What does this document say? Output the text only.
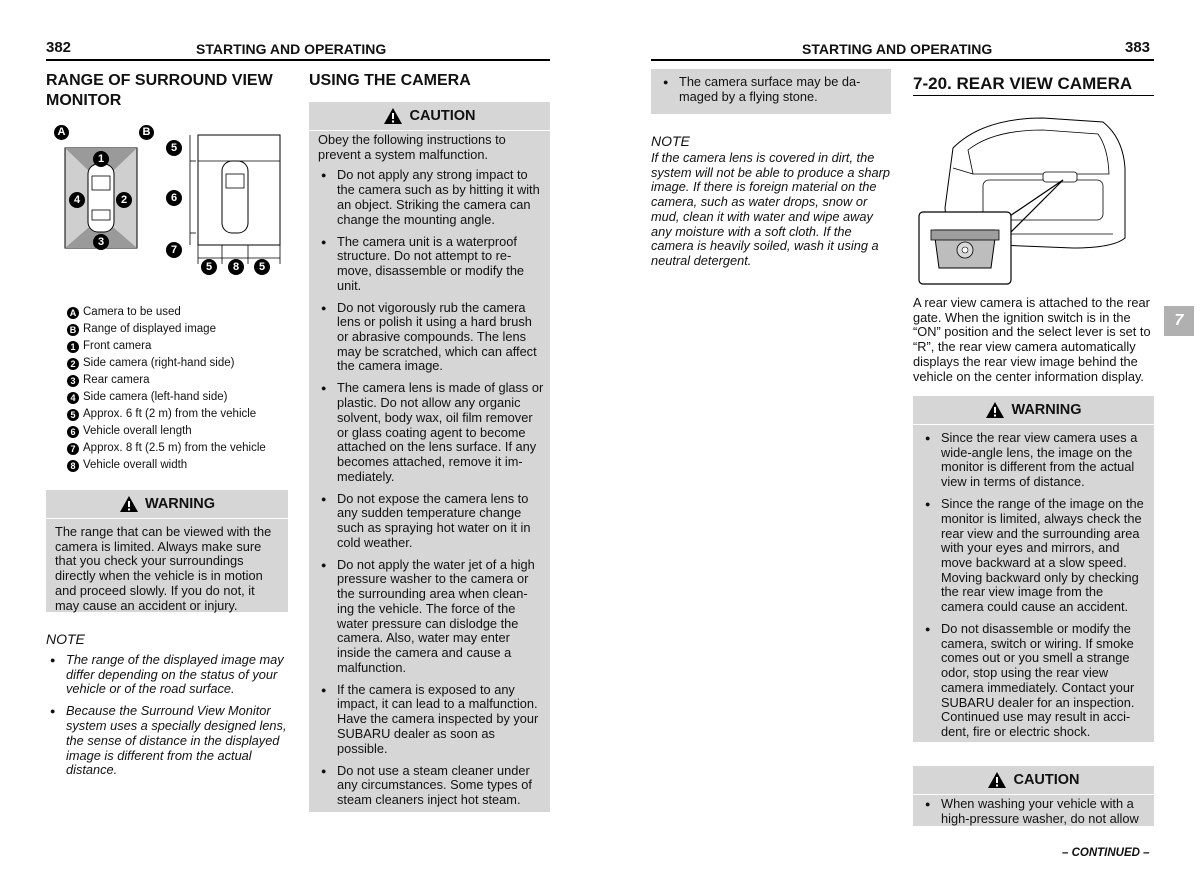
382	STARTING AND OPERATING
RANGE OF SURROUND VIEW MONITOR
A	B
1
4	2
3
5
6
7
5	8	5
A Camera to be used
B Range of displayed image
1 Front camera
2 Side camera (right-hand side)
3 Rear camera
4 Side camera (left-hand side)
5 Approx. 6 ft (2 m) from the vehicle
6 Vehicle overall length
7 Approx. 8 ft (2.5 m) from the vehicle
8 Vehicle overall width
WARNING
The range that can be viewed with the camera is limited. Always make sure that you check your surroundings directly when the vehicle is in motion and proceed slowly. If you do not, it may cause an accident or injury.
NOTE
● The range of the displayed image may differ depending on the status of your vehicle or of the road surface.
● Because the Surround View Monitor system uses a specially designed lens, the sense of distance in the displayed image is different from the actual distance.
USING THE CAMERA
CAUTION
Obey the following instructions to prevent a system malfunction.
● Do not apply any strong impact to the camera such as by hitting it with an object. Striking the camera can change the mounting angle.
● The camera unit is a waterproof structure. Do not attempt to re-move, disassemble or modify the unit.
● Do not vigorously rub the camera lens or polish it using a hard brush or abrasive compounds. The lens may be scratched, which can affect the camera image.
● The camera lens is made of glass or plastic. Do not allow any organic solvent, body wax, oil film remover or glass coating agent to become attached on the lens surface. If any becomes attached, remove it im-mediately.
● Do not expose the camera lens to any sudden temperature change such as spraying hot water on it in cold weather.
● Do not apply the water jet of a high pressure washer to the camera or the surrounding area when clean-ing the vehicle. The force of the water pressure can dislodge the camera. Also, water may enter inside the camera and cause a malfunction.
● If the camera is exposed to any impact, it can lead to a malfunction. Have the camera inspected by your SUBARU dealer as soon as possible.
● Do not use a steam cleaner under any circumstances. Some types of steam cleaners inject hot steam.
STARTING AND OPERATING	383
● The camera surface may be da-maged by a flying stone.
NOTE
If the camera lens is covered in dirt, the system will not be able to produce a sharp image. If there is foreign material on the camera, such as water drops, snow or mud, clean it with water and wipe away any moisture with a soft cloth. If the camera is heavily soiled, wash it using a neutral detergent.
7-20. REAR VIEW CAMERA
A rear view camera is attached to the rear gate. When the ignition switch is in the “ON” position and the select lever is set to “R”, the rear view camera automatically displays the rear view image behind the vehicle on the center information display.
7
WARNING
● Since the rear view camera uses a wide-angle lens, the image on the monitor is different from the actual view in terms of distance.
● Since the range of the image on the monitor is limited, always check the rear view and the surrounding area with your eyes and mirrors, and move backward at a slow speed. Moving backward only by checking the rear view image from the camera could cause an accident.
● Do not disassemble or modify the camera, switch or wiring. If smoke comes out or you smell a strange odor, stop using the rear view camera immediately. Contact your SUBARU dealer for an inspection. Continued use may result in acci-dent, fire or electric shock.
CAUTION
● When washing your vehicle with a high-pressure washer, do not allow
– CONTINUED –
